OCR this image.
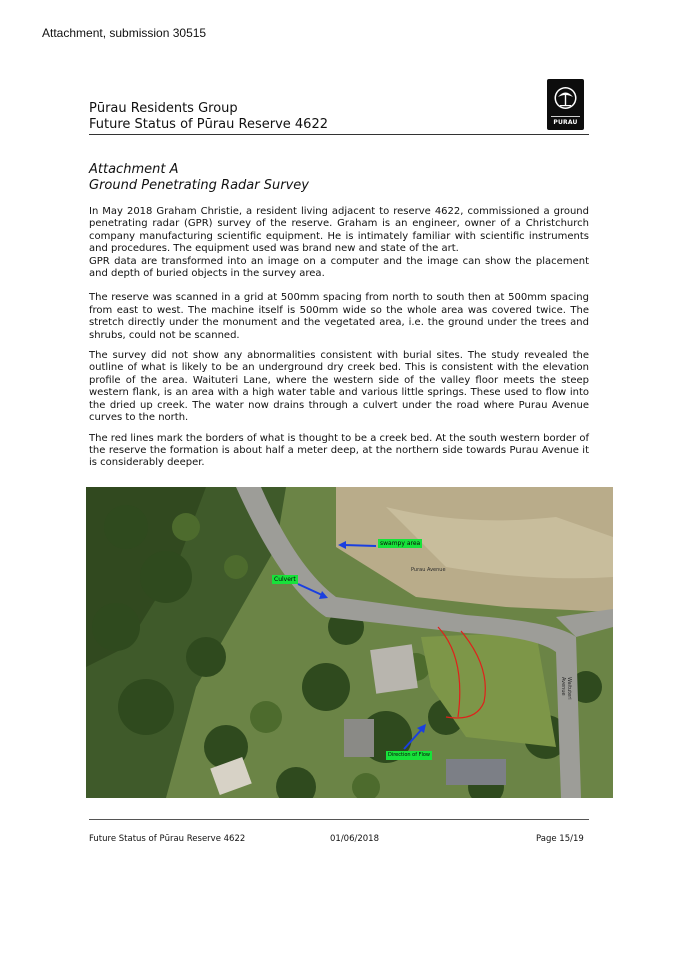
Attachment, submission 30515
Pūrau Residents Group
Future Status of Pūrau Reserve 4622	PURAU
Attachment A
Ground Penetrating Radar Survey

In May 2018 Graham Christie, a resident living adjacent to reserve 4622, commissioned a ground penetrating radar (GPR) survey of the reserve. Graham is an engineer, owner of a Christchurch company manufacturing scientific equipment. He is intimately familiar with scientific instruments and procedures. The equipment used was brand new and state of the art.

GPR data are transformed into an image on a computer and the image can show the placement and depth of buried objects in the survey area.

The reserve was scanned in a grid at 500mm spacing from north to south then at 500mm spacing from east to west. The machine itself is 500mm wide so the whole area was covered twice. The stretch directly under the monument and the vegetated area, i.e. the ground under the trees and shrubs, could not be scanned.

The survey did not show any abnormalities consistent with burial sites. The study revealed the outline of what is likely to be an underground dry creek bed. This is consistent with the elevation profile of the area. Waituteri Lane, where the western side of the valley floor meets the steep western flank, is an area with a high water table and various little springs. These used to flow into the dried up creek. The water now drains through a culvert under the road where Purau Avenue curves to the north.

The red lines mark the borders of what is thought to be a creek bed. At the south western border of the reserve the formation is about half a meter deep, at the northern side towards Purau Avenue it is considerably deeper.

swampy area
Culvert
Direction of Flow
Purau Avenue
Waituteri Avenue
Future Status of Pūrau Reserve 4622	01/06/2018	Page 15/19
